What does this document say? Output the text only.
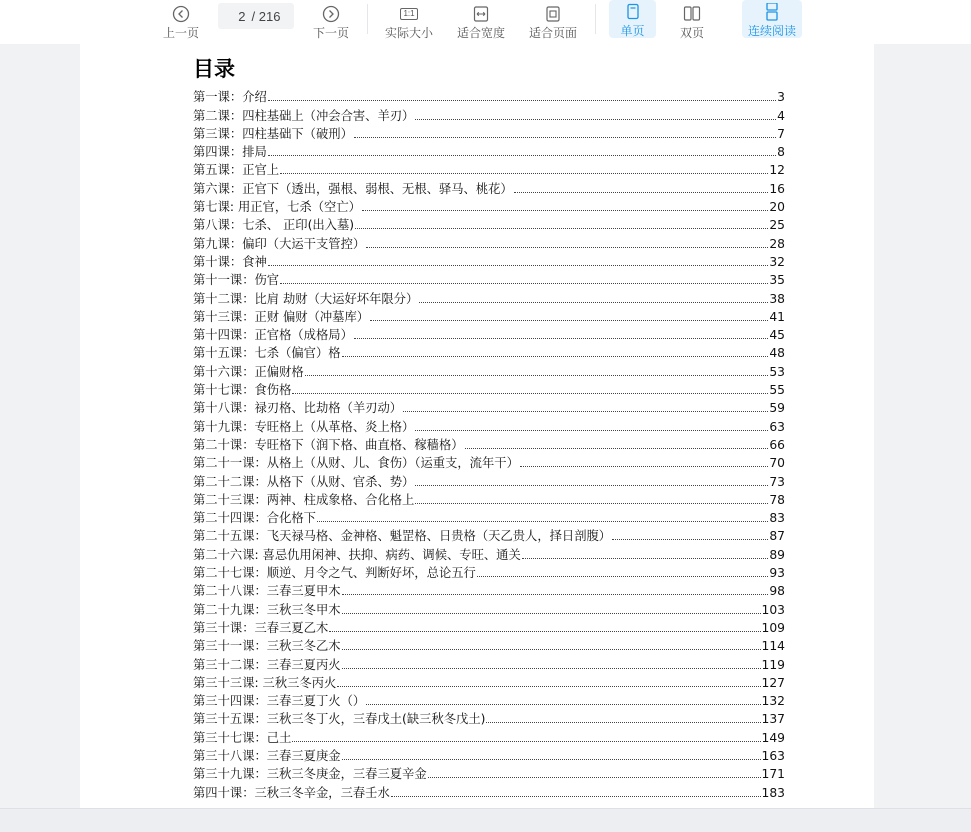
上一页
2
/ 216
下一页
1:1
实际大小 适合宽度 适合页面	单页	双页	连续阅读
目录
第一课：介绍	3
第二课：四柱基础上（冲会合害、羊刃）	4
第三课：四柱基础下（破刑）	7
第四课：排局	8
第五课：正官上	12
第六课：正官下（透出，强根、弱根、无根、驿马、桃花）	16
第七课: 用正官，七杀（空亡）	20
第八课：七杀、 正印(出入墓)	25
第九课：偏印（大运干支管控）	28
第十课：食神	32
第十一课：伤官	35
第十二课：比肩 劫财（大运好坏年限分）	38
第十三课：正财 偏财（冲墓库）	41
第十四课：正官格（成格局）	45
第十五课：七杀（偏官）格	48
第十六课：正偏财格	53
第十七课：食伤格	55
第十八课：禄刃格、比劫格（羊刃动）	59
第十九课：专旺格上（从革格、炎上格）	63
第二十课：专旺格下（润下格、曲直格、稼穑格）	66
第二十一课：从格上（从财、儿、食伤）（运重支，流年干）	70
第二十二课：从格下（从财、官杀、势）	73
第二十三课：两神、柱成象格、合化格上	78
第二十四课：合化格下	83
第二十五课：飞天禄马格、金神格、魁罡格、日贵格（天乙贵人，择日剖腹）	87
第二十六课: 喜忌仇用闲神、扶抑、病药、调候、专旺、通关	89
第二十七课：顺逆、月令之气、判断好坏，总论五行	93
第二十八课：三春三夏甲木	98
第二十九课：三秋三冬甲木	103
第三十课：三春三夏乙木	109
第三十一课：三秋三冬乙木	114
第三十二课：三春三夏丙火	119
第三十三课: 三秋三冬丙火	127
第三十四课：三春三夏丁火（）	132
第三十五课：三秋三冬丁火，三春戊土(缺三秋冬戊土)	137
第三十七课：己土	149
第三十八课：三春三夏庚金	163
第三十九课：三秋三冬庚金，三春三夏辛金	171
第四十课：三秋三冬辛金，三春壬水	183
